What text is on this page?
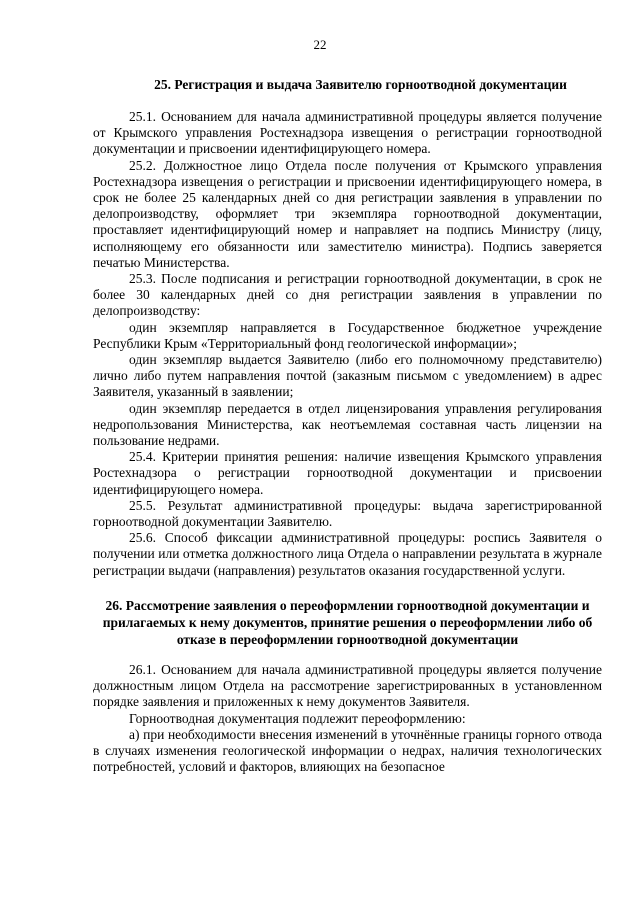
22

25. Регистрация и выдача Заявителю горноотводной документации

25.1. Основанием для начала административной процедуры является получение от Крымского управления Ростехнадзора извещения о регистрации горноотводной документации и присвоении идентифицирующего номера.

25.2. Должностное лицо Отдела после получения от Крымского управления Ростехнадзора извещения о регистрации и присвоении идентифицирующего номера, в срок не более 25 календарных дней со дня регистрации заявления в управлении по делопроизводству, оформляет три экземпляра горноотводной документации, проставляет идентифицирующий номер и направляет на подпись Министру (лицу, исполняющему его обязанности или заместителю министра). Подпись заверяется печатью Министерства.

25.3. После подписания и регистрации горноотводной документации, в срок не более 30 календарных дней со дня регистрации заявления в управлении по делопроизводству:

один экземпляр направляется в Государственное бюджетное учреждение Республики Крым «Территориальный фонд геологической информации»;

один экземпляр выдается Заявителю (либо его полномочному представителю) лично либо путем направления почтой (заказным письмом с уведомлением) в адрес Заявителя, указанный в заявлении;

один экземпляр передается в отдел лицензирования управления регулирования недропользования Министерства, как неотъемлемая составная часть лицензии на пользование недрами.

25.4. Критерии принятия решения: наличие извещения Крымского управления Ростехнадзора о регистрации горноотводной документации и присвоении идентифицирующего номера.

25.5. Результат административной процедуры: выдача зарегистрированной горноотводной документации Заявителю.

25.6. Способ фиксации административной процедуры: роспись Заявителя о получении или отметка должностного лица Отдела о направлении результата в журнале регистрации выдачи (направления) результатов оказания государственной услуги.

26. Рассмотрение заявления о переоформлении горноотводной документации и прилагаемых к нему документов, принятие решения о переоформлении либо об отказе в переоформлении горноотводной документации

26.1. Основанием для начала административной процедуры является получение должностным лицом Отдела на рассмотрение зарегистрированных в установленном порядке заявления и приложенных к нему документов Заявителя.

Горноотводная документация подлежит переоформлению:

а) при необходимости внесения изменений в уточнённые границы горного отвода в случаях изменения геологической информации о недрах, наличия технологических потребностей, условий и факторов, влияющих на безопасное
